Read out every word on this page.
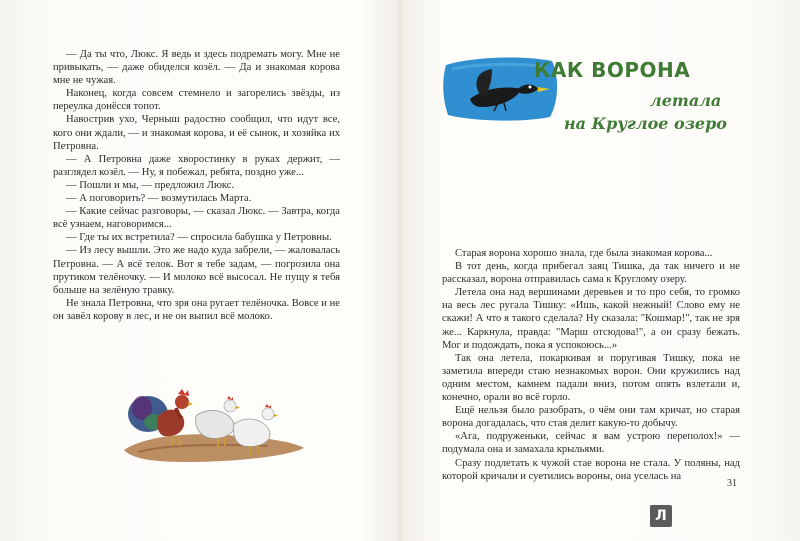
— Да ты что, Люкс. Я ведь и здесь подремать могу. Мне не привыкать, — даже обиделся козёл. — Да и знакомая корова мне не чужая.

Наконец, когда совсем стемнело и загорелись звёзды, из переулка донёсся топот.

Навострив ухо, Черныш радостно сообщил, что идут все, кого они ждали, — и знакомая корова, и её сынок, и хозяйка их Петровна.

— А Петровна даже хворостинку в руках держит, — разглядел козёл. — Ну, я побежал, ребята, поздно уже...

— Пошли и мы, — предложил Люкс.

— А поговорить? — возмутилась Марта.

— Какие сейчас разговоры, — сказал Люкс. — Завтра, когда всё узнаем, наговоримся...

— Где ты их встретила? — спросила бабушка у Петровны.

— Из лесу вышли. Это же надо куда забрели, — жаловалась Петровна. — А всё телок. Вот я тебе задам, — погрозила она прутиком телёночку. — И молоко всё высосал. Не пущу я тебя больше на зелёную травку.

Не знала Петровна, что зря она ругает телёночка. Вовсе и не он завёл корову в лес, и не он выпил всё молоко.

КАК ВОРОНА
летала
на Круглое озеро

Старая ворона хорошо знала, где была знакомая корова...

В тот день, когда прибегал заяц Тишка, да так ничего и не рассказал, ворона отправилась сама к Круглому озеру.

Летела она над вершинами деревьев и то про себя, то громко на весь лес ругала Тишку: «Ишь, какой нежный! Слово ему не скажи! А что я такого сделала? Ну сказала: "Кошмар!", так не зря же... Каркнула, правда: "Марш отсюдова!", а он сразу бежать. Мог и подождать, пока я успокоюсь...»

Так она летела, покаркивая и поругивая Тишку, пока не заметила впереди стаю незнакомых ворон. Они кружились над одним местом, камнем падали вниз, потом опять взлетали и, конечно, орали во всё горло.

Ещё нельзя было разобрать, о чём они там кричат, но старая ворона догадалась, что стая делит какую-то добычу.

«Ага, подруженьки, сейчас я вам устрою переполох!» — подумала она и замахала крыльями.

Сразу подлетать к чужой стае ворона не стала. У поляны, над которой кричали и суетились вороны, она уселась на

31
Л
